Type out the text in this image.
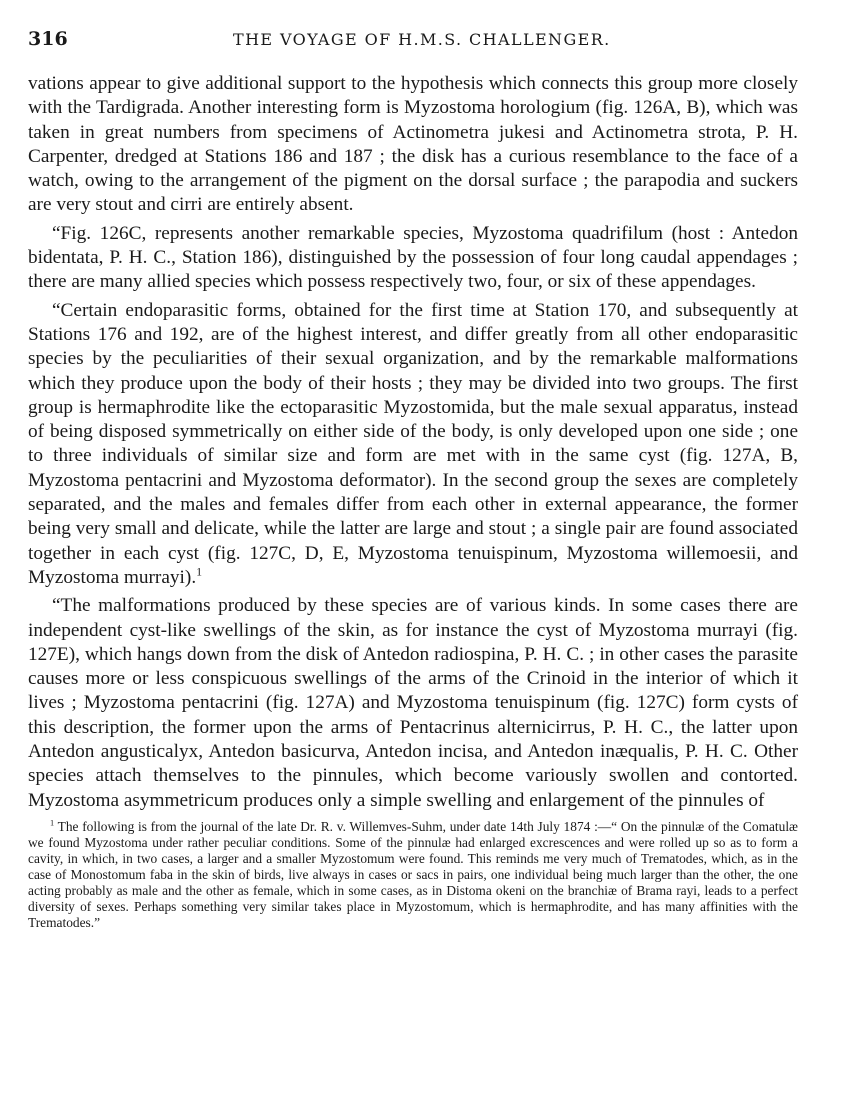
316	THE VOYAGE OF H.M.S. CHALLENGER.

vations appear to give additional support to the hypothesis which connects this group more closely with the Tardigrada. Another interesting form is Myzostoma horologium (fig. 126A, B), which was taken in great numbers from specimens of Actinometra jukesi and Actinometra strota, P. H. Carpenter, dredged at Stations 186 and 187 ; the disk has a curious resemblance to the face of a watch, owing to the arrangement of the pigment on the dorsal surface ; the parapodia and suckers are very stout and cirri are entirely absent.

“Fig. 126C, represents another remarkable species, Myzostoma quadrifilum (host : Antedon bidentata, P. H. C., Station 186), distinguished by the possession of four long caudal appendages ; there are many allied species which possess respectively two, four, or six of these appendages.

“Certain endoparasitic forms, obtained for the first time at Station 170, and subsequently at Stations 176 and 192, are of the highest interest, and differ greatly from all other endoparasitic species by the peculiarities of their sexual organization, and by the remarkable malformations which they produce upon the body of their hosts ; they may be divided into two groups. The first group is hermaphrodite like the ectoparasitic Myzostomida, but the male sexual apparatus, instead of being disposed symmetrically on either side of the body, is only developed upon one side ; one to three individuals of similar size and form are met with in the same cyst (fig. 127A, B, Myzostoma pentacrini and Myzostoma deformator). In the second group the sexes are completely separated, and the males and females differ from each other in external appearance, the former being very small and delicate, while the latter are large and stout ; a single pair are found associated together in each cyst (fig. 127C, D, E, Myzostoma tenuispinum, Myzostoma willemoesii, and Myzostoma murrayi).$^1$

“The malformations produced by these species are of various kinds. In some cases there are independent cyst-like swellings of the skin, as for instance the cyst of Myzostoma murrayi (fig. 127E), which hangs down from the disk of Antedon radiospina, P. H. C. ; in other cases the parasite causes more or less conspicuous swellings of the arms of the Crinoid in the interior of which it lives ; Myzostoma pentacrini (fig. 127A) and Myzostoma tenuispinum (fig. 127C) form cysts of this description, the former upon the arms of Pentacrinus alternicirrus, P. H. C., the latter upon Antedon angusticalyx, Antedon basicurva, Antedon incisa, and Antedon inæqualis, P. H. C. Other species attach themselves to the pinnules, which become variously swollen and contorted. Myzostoma asymmetricum produces only a simple swelling and enlargement of the pinnules of

$^1$ The following is from the journal of the late Dr. R. v. Willemves-Suhm, under date 14th July 1874 :—“ On the pinnulæ of the Comatulæ we found Myzostoma under rather peculiar conditions. Some of the pinnulæ had enlarged excrescences and were rolled up so as to form a cavity, in which, in two cases, a larger and a smaller Myzostomum were found. This reminds me very much of Trematodes, which, as in the case of Monostomum faba in the skin of birds, live always in cases or sacs in pairs, one individual being much larger than the other, the one acting probably as male and the other as female, which in some cases, as in Distoma okeni on the branchiæ of Brama rayi, leads to a perfect diversity of sexes. Perhaps something very similar takes place in Myzostomum, which is hermaphrodite, and has many affinities with the Trematodes.”
